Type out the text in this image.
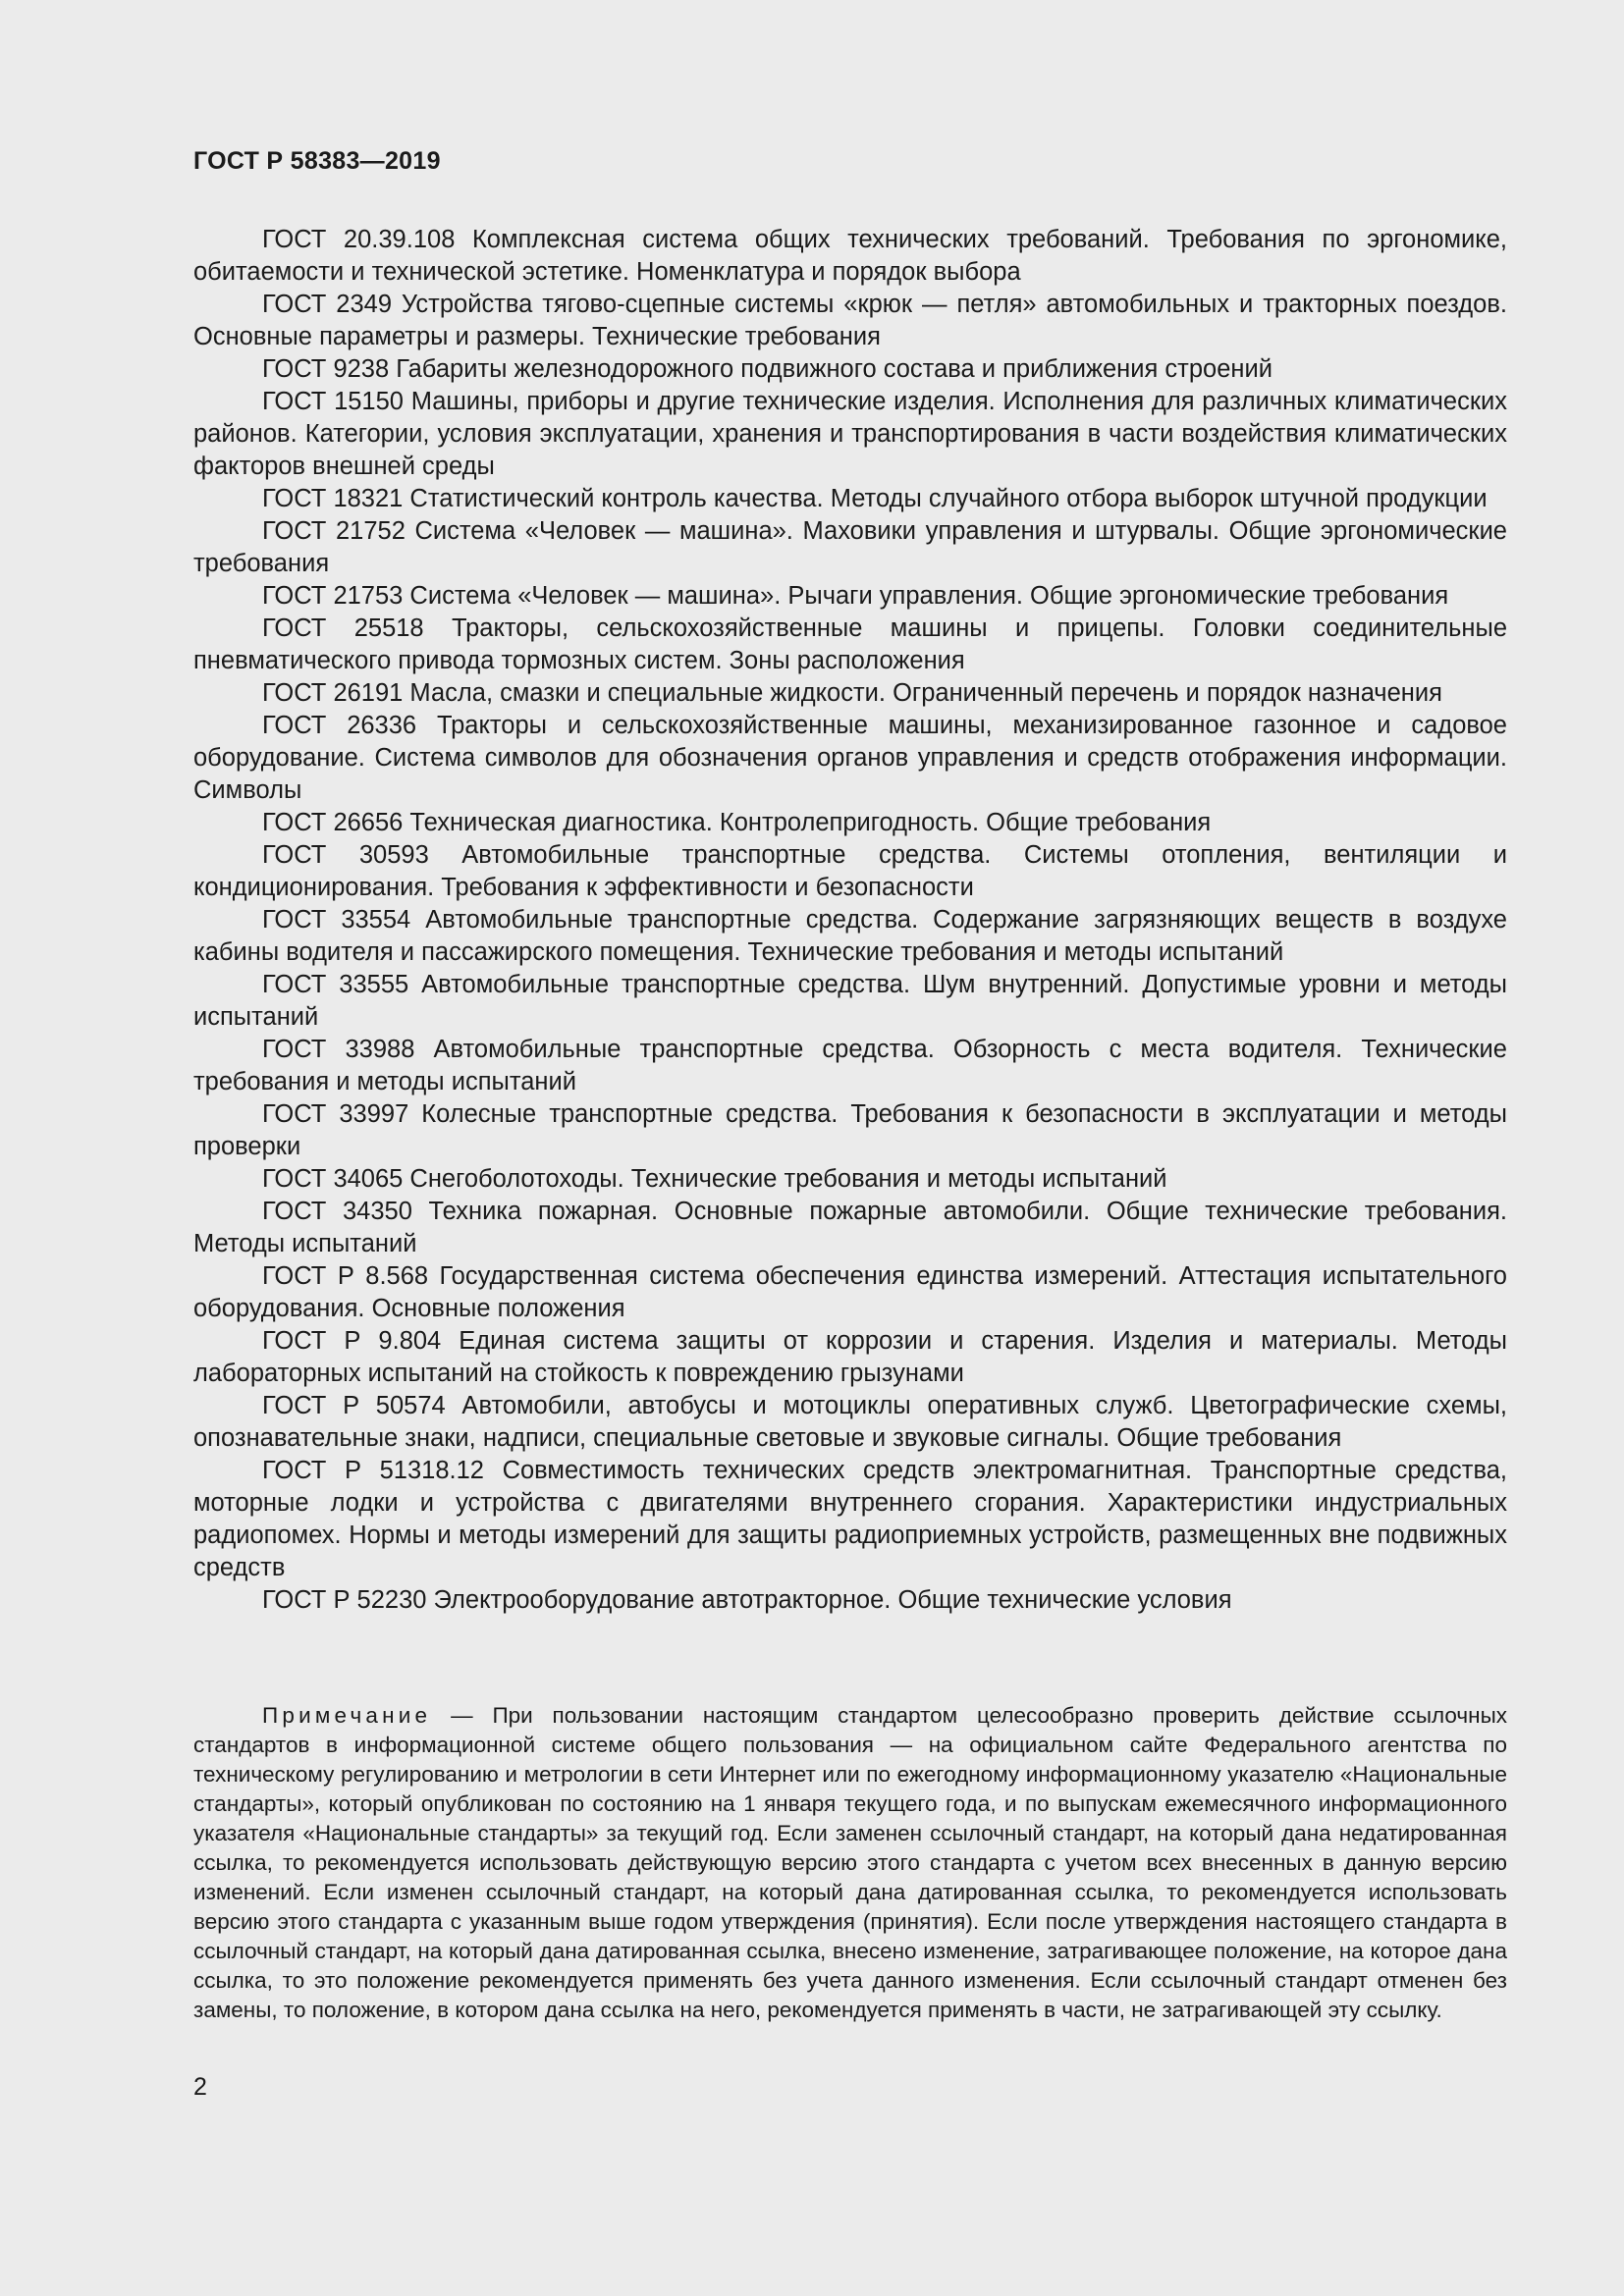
ГОСТ Р 58383—2019

ГОСТ 20.39.108 Комплексная система общих технических требований. Требования по эргономике, обитаемости и технической эстетике. Номенклатура и порядок выбора

ГОСТ 2349 Устройства тягово-сцепные системы «крюк — петля» автомобильных и тракторных поездов. Основные параметры и размеры. Технические требования

ГОСТ 9238 Габариты железнодорожного подвижного состава и приближения строений

ГОСТ 15150 Машины, приборы и другие технические изделия. Исполнения для различных климатических районов. Категории, условия эксплуатации, хранения и транспортирования в части воздействия климатических факторов внешней среды

ГОСТ 18321 Статистический контроль качества. Методы случайного отбора выборок штучной продукции

ГОСТ 21752 Система «Человек — машина». Маховики управления и штурвалы. Общие эргономические требования

ГОСТ 21753 Система «Человек — машина». Рычаги управления. Общие эргономические требования

ГОСТ 25518 Тракторы, сельскохозяйственные машины и прицепы. Головки соединительные пневматического привода тормозных систем. Зоны расположения

ГОСТ 26191 Масла, смазки и специальные жидкости. Ограниченный перечень и порядок назначения

ГОСТ 26336 Тракторы и сельскохозяйственные машины, механизированное газонное и садовое оборудование. Система символов для обозначения органов управления и средств отображения информации. Символы

ГОСТ 26656 Техническая диагностика. Контролепригодность. Общие требования

ГОСТ 30593 Автомобильные транспортные средства. Системы отопления, вентиляции и кондиционирования. Требования к эффективности и безопасности

ГОСТ 33554 Автомобильные транспортные средства. Содержание загрязняющих веществ в воздухе кабины водителя и пассажирского помещения. Технические требования и методы испытаний

ГОСТ 33555 Автомобильные транспортные средства. Шум внутренний. Допустимые уровни и методы испытаний

ГОСТ 33988 Автомобильные транспортные средства. Обзорность с места водителя. Технические требования и методы испытаний

ГОСТ 33997 Колесные транспортные средства. Требования к безопасности в эксплуатации и методы проверки

ГОСТ 34065 Снегоболотоходы. Технические требования и методы испытаний

ГОСТ 34350 Техника пожарная. Основные пожарные автомобили. Общие технические требования. Методы испытаний

ГОСТ Р 8.568 Государственная система обеспечения единства измерений. Аттестация испытательного оборудования. Основные положения

ГОСТ Р 9.804 Единая система защиты от коррозии и старения. Изделия и материалы. Методы лабораторных испытаний на стойкость к повреждению грызунами

ГОСТ Р 50574 Автомобили, автобусы и мотоциклы оперативных служб. Цветографические схемы, опознавательные знаки, надписи, специальные световые и звуковые сигналы. Общие требования

ГОСТ Р 51318.12 Совместимость технических средств электромагнитная. Транспортные средства, моторные лодки и устройства с двигателями внутреннего сгорания. Характеристики индустриальных радиопомех. Нормы и методы измерений для защиты радиоприемных устройств, размещенных вне подвижных средств

ГОСТ Р 52230 Электрооборудование автотракторное. Общие технические условия

Примечание — При пользовании настоящим стандартом целесообразно проверить действие ссылочных стандартов в информационной системе общего пользования — на официальном сайте Федерального агентства по техническому регулированию и метрологии в сети Интернет или по ежегодному информационному указателю «Национальные стандарты», который опубликован по состоянию на 1 января текущего года, и по выпускам ежемесячного информационного указателя «Национальные стандарты» за текущий год. Если заменен ссылочный стандарт, на который дана недатированная ссылка, то рекомендуется использовать действующую версию этого стандарта с учетом всех внесенных в данную версию изменений. Если изменен ссылочный стандарт, на который дана датированная ссылка, то рекомендуется использовать версию этого стандарта с указанным выше годом утверждения (принятия). Если после утверждения настоящего стандарта в ссылочный стандарт, на который дана датированная ссылка, внесено изменение, затрагивающее положение, на которое дана ссылка, то это положение рекомендуется применять без учета данного изменения. Если ссылочный стандарт отменен без замены, то положение, в котором дана ссылка на него, рекомендуется применять в части, не затрагивающей эту ссылку.

2
